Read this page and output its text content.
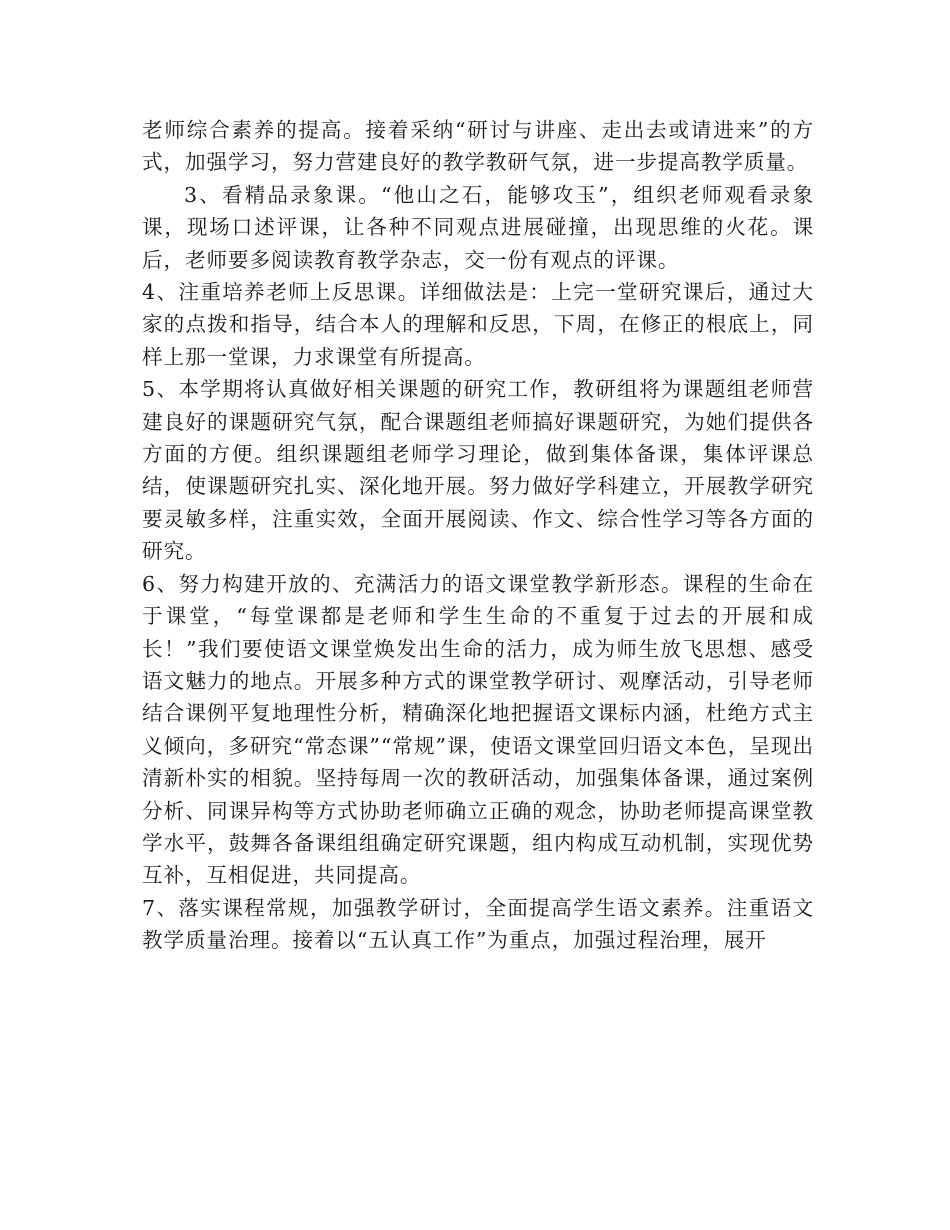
老师综合素养的提高。接着采纳“研讨与讲座、走出去或请进来”的方式，加强学习，努力营建良好的教学教研气氛，进一步提高教学质量。

3、看精品录象课。“他山之石，能够攻玉”，组织老师观看录象课，现场口述评课，让各种不同观点进展碰撞，出现思维的火花。课后，老师要多阅读教育教学杂志，交一份有观点的评课。

4、注重培养老师上反思课。详细做法是：上完一堂研究课后，通过大家的点拨和指导，结合本人的理解和反思，下周，在修正的根底上，同样上那一堂课，力求课堂有所提高。

5、本学期将认真做好相关课题的研究工作，教研组将为课题组老师营建良好的课题研究气氛，配合课题组老师搞好课题研究，为她们提供各方面的方便。组织课题组老师学习理论，做到集体备课，集体评课总结，使课题研究扎实、深化地开展。努力做好学科建立，开展教学研究要灵敏多样，注重实效，全面开展阅读、作文、综合性学习等各方面的研究。

6、努力构建开放的、充满活力的语文课堂教学新形态。课程的生命在于课堂，“每堂课都是老师和学生生命的不重复于过去的开展和成长！”我们要使语文课堂焕发出生命的活力，成为师生放飞思想、感受语文魅力的地点。开展多种方式的课堂教学研讨、观摩活动，引导老师结合课例平复地理性分析，精确深化地把握语文课标内涵，杜绝方式主义倾向，多研究“常态课”“常规”课，使语文课堂回归语文本色，呈现出清新朴实的相貌。坚持每周一次的教研活动，加强集体备课，通过案例分析、同课异构等方式协助老师确立正确的观念，协助老师提高课堂教学水平，鼓舞各备课组组确定研究课题，组内构成互动机制，实现优势互补，互相促进，共同提高。

7、落实课程常规，加强教学研讨，全面提高学生语文素养。注重语文教学质量治理。接着以“五认真工作”为重点，加强过程治理，展开
